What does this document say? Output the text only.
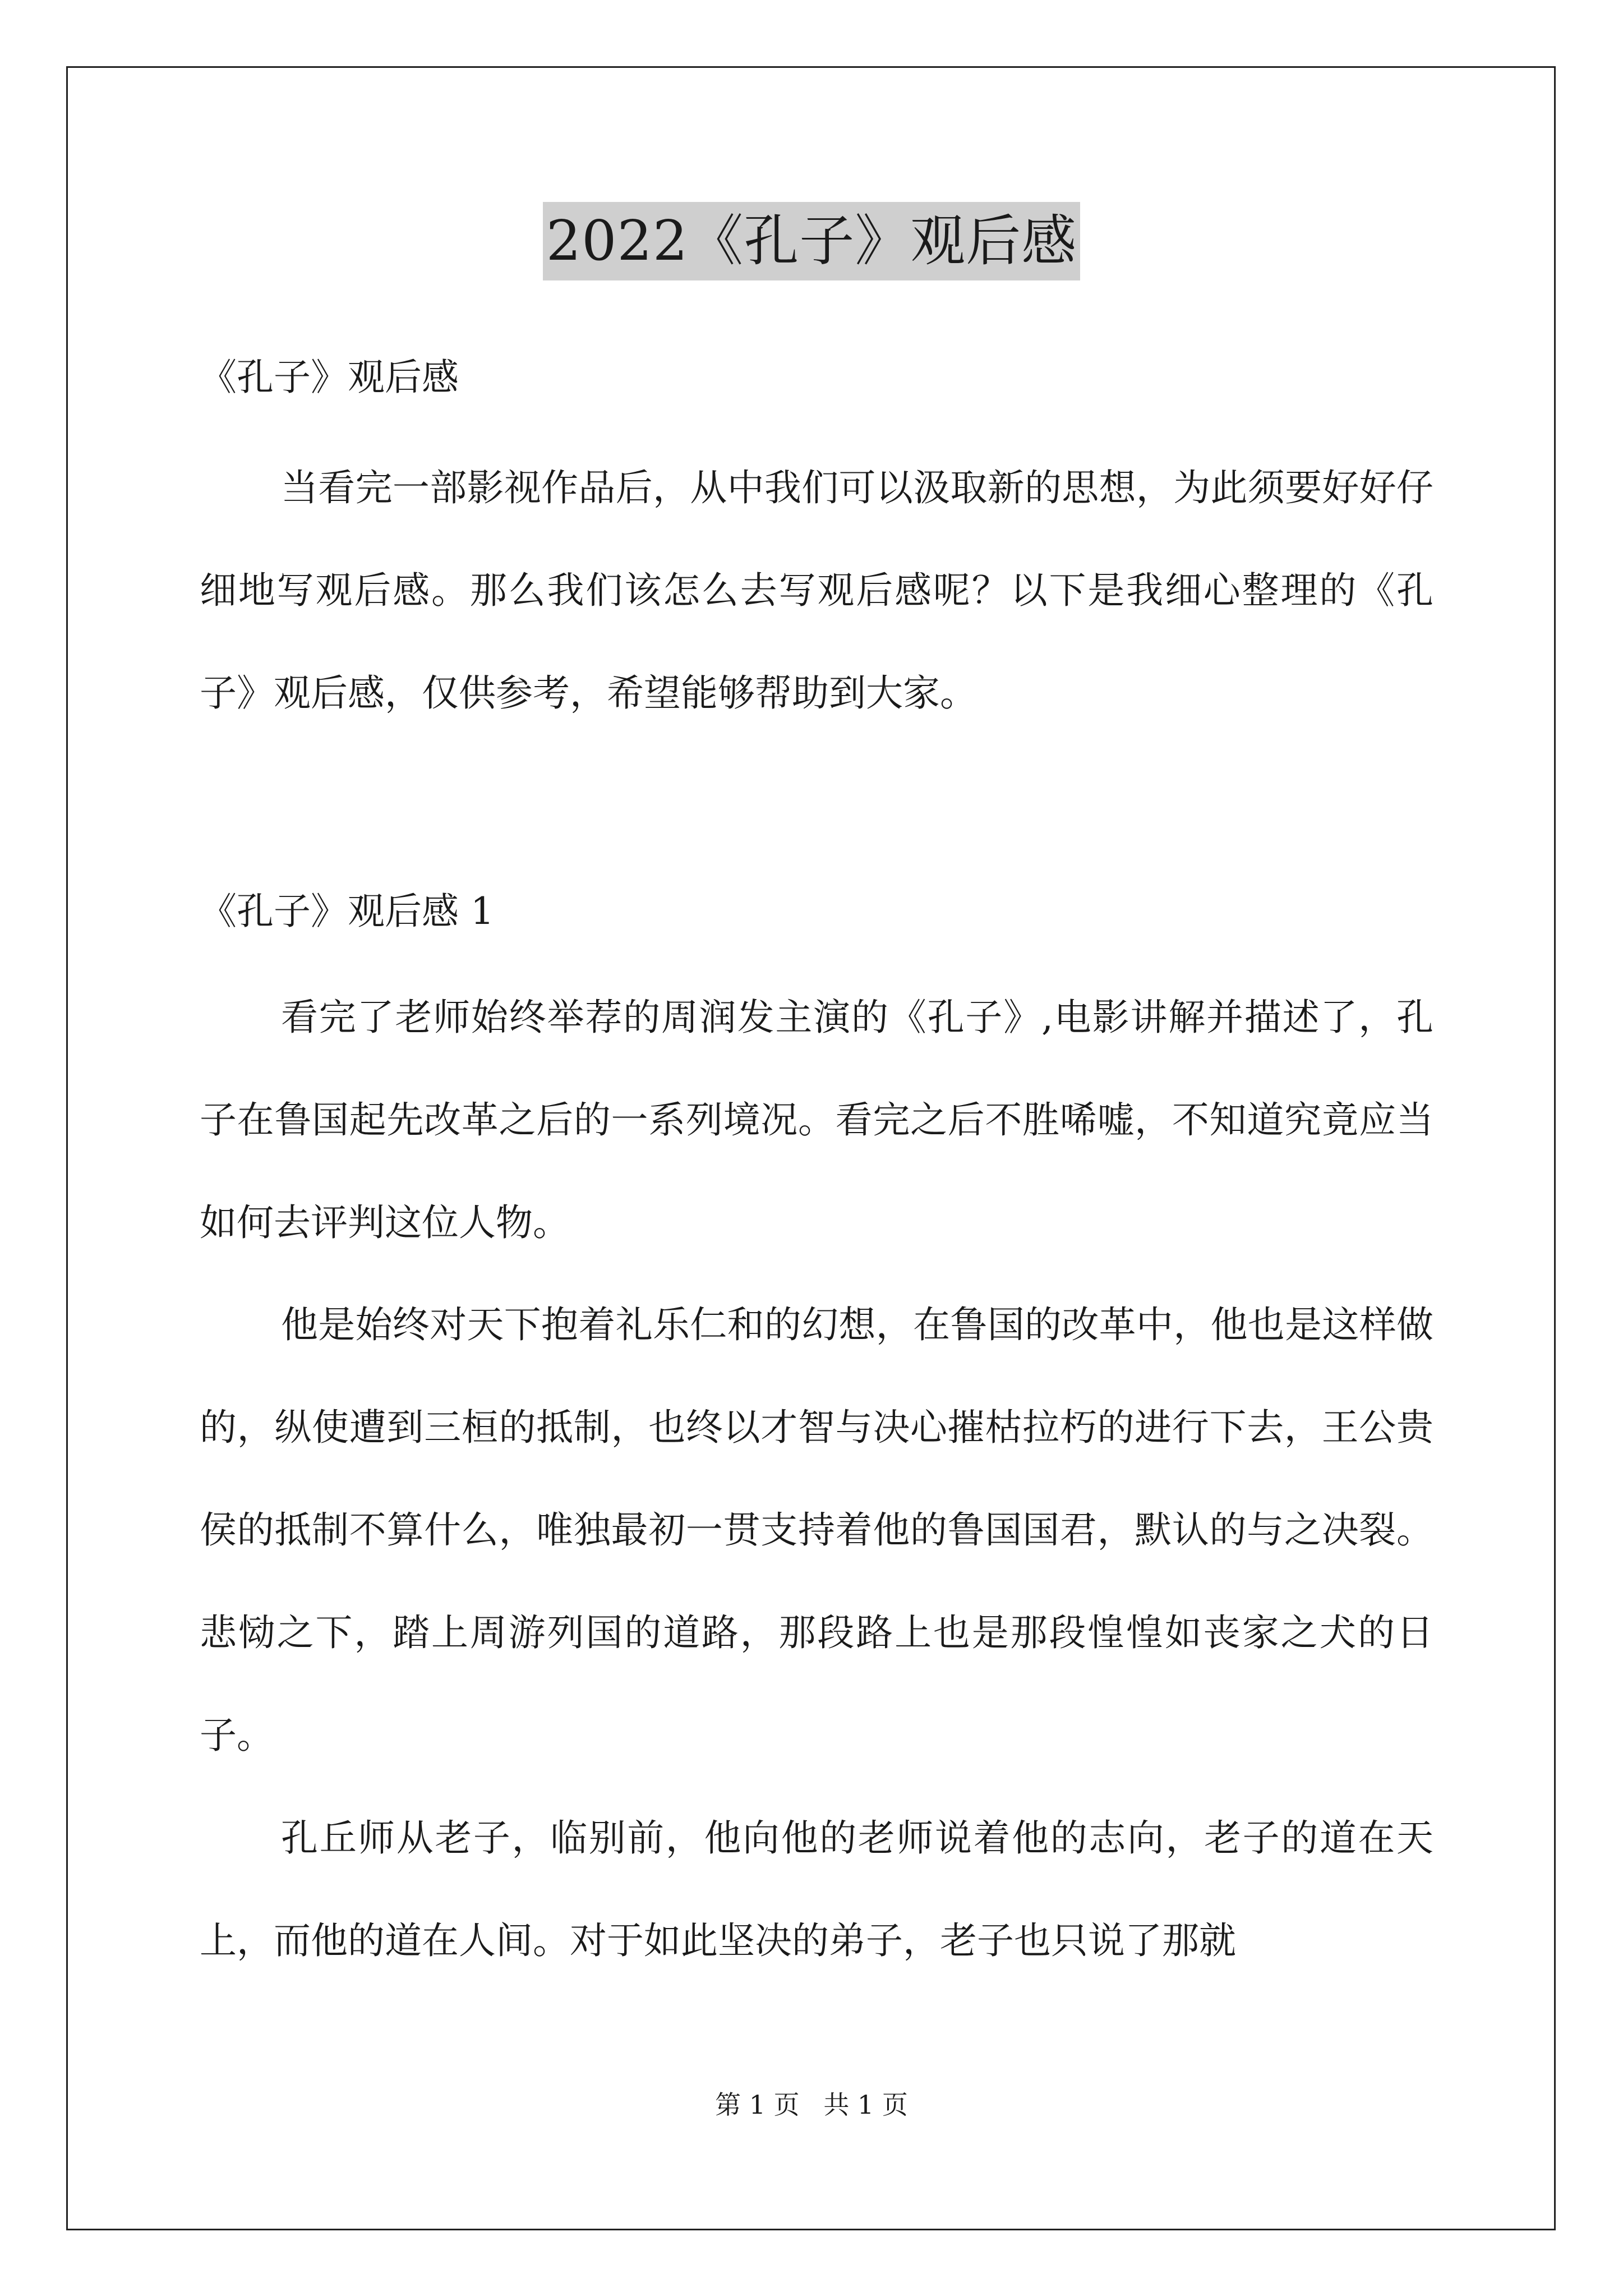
2022《孔子》观后感
《孔子》观后感

当看完一部影视作品后，从中我们可以汲取新的思想，为此须要好好仔细地写观后感。那么我们该怎么去写观后感呢？以下是我细心整理的《孔子》观后感，仅供参考，希望能够帮助到大家。

《孔子》观后感 1

看完了老师始终举荐的周润发主演的《孔子》,电影讲解并描述了，孔子在鲁国起先改革之后的一系列境况。看完之后不胜唏嘘，不知道究竟应当如何去评判这位人物。

他是始终对天下抱着礼乐仁和的幻想，在鲁国的改革中，他也是这样做的，纵使遭到三桓的抵制，也终以才智与决心摧枯拉朽的进行下去，王公贵侯的抵制不算什么，唯独最初一贯支持着他的鲁国国君，默认的与之决裂。悲恸之下，踏上周游列国的道路，那段路上也是那段惶惶如丧家之犬的日子。

孔丘师从老子，临别前，他向他的老师说着他的志向，老子的道在天上，而他的道在人间。对于如此坚决的弟子，老子也只说了那就

第 1 页 共 1 页
